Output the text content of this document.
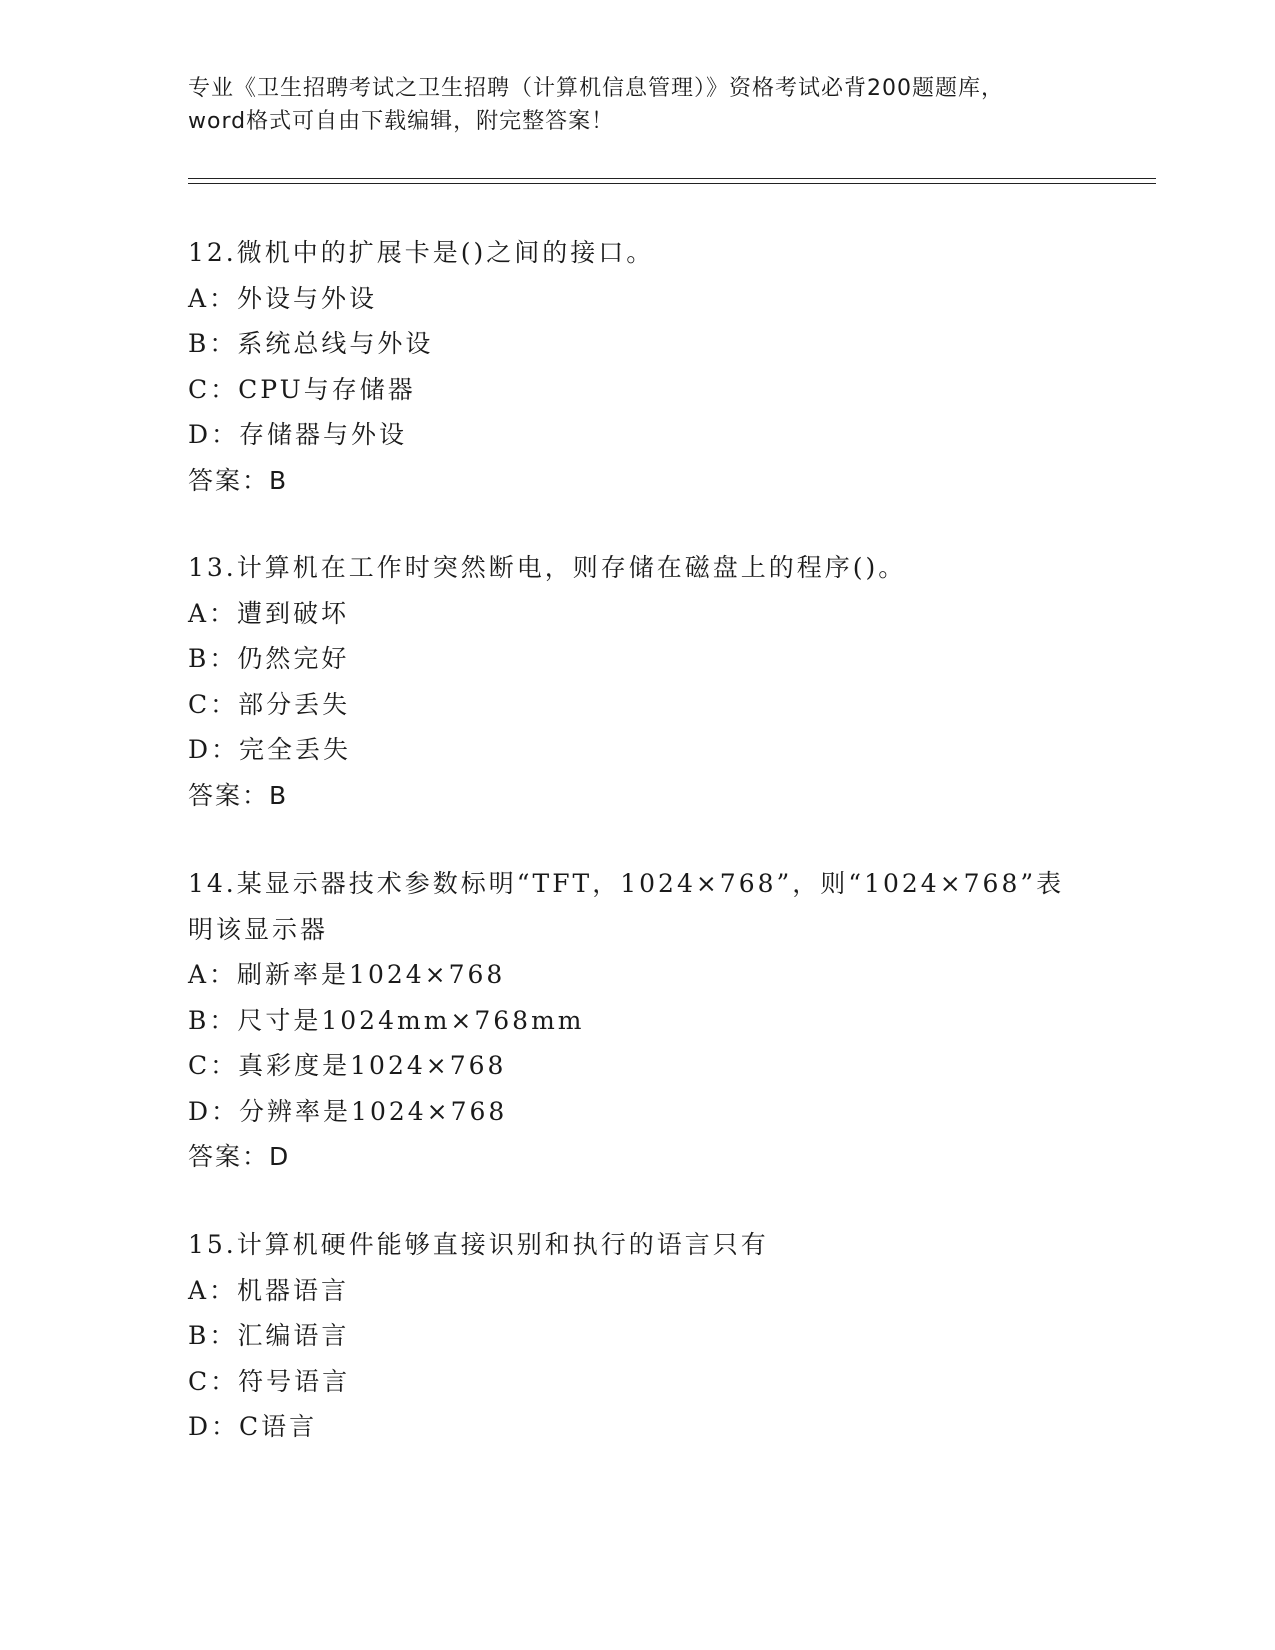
专业《卫生招聘考试之卫生招聘（计算机信息管理）》资格考试必背200题题库，
word格式可自由下载编辑，附完整答案！
12.微机中的扩展卡是()之间的接口。
A：外设与外设
B：系统总线与外设
C：CPU与存储器
D：存储器与外设
答案：B
13.计算机在工作时突然断电，则存储在磁盘上的程序()。
A：遭到破坏
B：仍然完好
C：部分丢失
D：完全丢失
答案：B
14.某显示器技术参数标明“TFT，1024×768”，则“1024×768”表明该显示器
A：刷新率是1024×768
B：尺寸是1024mm×768mm
C：真彩度是1024×768
D：分辨率是1024×768
答案：D
15.计算机硬件能够直接识别和执行的语言只有
A：机器语言
B：汇编语言
C：符号语言
D：C语言
